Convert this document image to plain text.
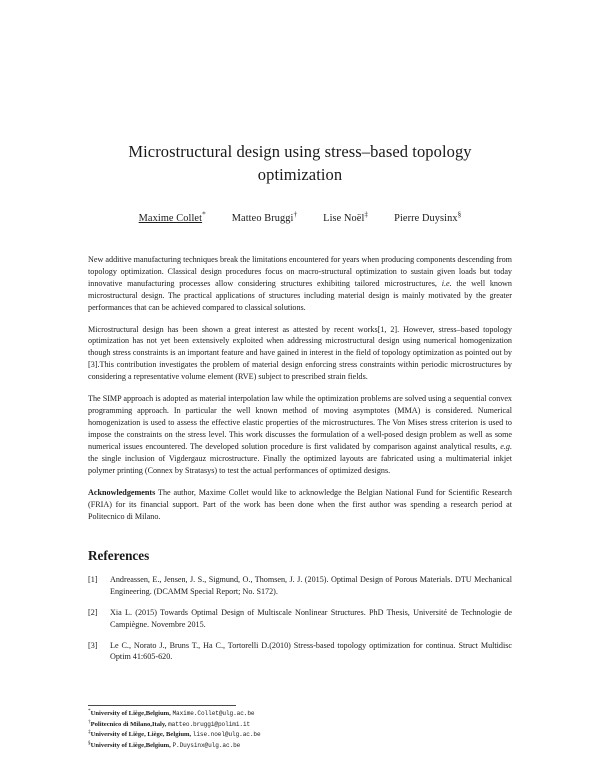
Microstructural design using stress–based topology optimization
Maxime Collet*	Matteo Bruggi†	Lise Noël‡	Pierre Duysinx§

New additive manufacturing techniques break the limitations encountered for years when producing components descending from topology optimization. Classical design procedures focus on macro-structural optimization to sustain given loads but today innovative manufacturing processes allow considering structures exhibiting tailored microstructures, i.e. the well known microstructural design. The practical applications of structures including material design is mainly motivated by the greater performances that can be achieved compared to classical solutions.

Microstructural design has been shown a great interest as attested by recent works[1, 2]. However, stress–based topology optimization has not yet been extensively exploited when addressing microstructural design using numerical homogenization though stress constraints is an important feature and have gained in interest in the field of topology optimization as pointed out by [3].This contribution investigates the problem of material design enforcing stress constraints within periodic microstructures by considering a representative volume element (RVE) subject to prescribed strain fields.

The SIMP approach is adopted as material interpolation law while the optimization problems are solved using a sequential convex programming approach. In particular the well known method of moving asymptotes (MMA) is considered. Numerical homogenization is used to assess the effective elastic properties of the microstructures. The Von Mises stress criterion is used to impose the constraints on the stress level. This work discusses the formulation of a well-posed design problem as well as some numerical issues encountered. The developed solution procedure is first validated by comparison against analytical results, e.g. the single inclusion of Vigdergauz microstructure. Finally the optimized layouts are fabricated using a multimaterial inkjet polymer printing (Connex by Stratasys) to test the actual performances of optimized designs.

Acknowledgements The author, Maxime Collet would like to acknowledge the Belgian National Fund for Scientific Research (FRIA) for its financial support. Part of the work has been done when the first author was spending a research period at Politecnico di Milano.

References
[1] Andreassen, E., Jensen, J. S., Sigmund, O., Thomsen, J. J. (2015). Optimal Design of Porous Materials. DTU Mechanical Engineering. (DCAMM Special Report; No. S172).
[2] Xia L. (2015) Towards Optimal Design of Multiscale Nonlinear Structures. PhD Thesis, Université de Technologie de Campiègne. Novembre 2015.
[3] Le C., Norato J., Bruns T., Ha C., Tortorelli D.(2010) Stress-based topology optimization for continua. Struct Multidisc Optim 41:605-620.
*University of Liège,Belgium, Maxime.Collet@ulg.ac.be
†Politecnico di Milano,Italy, matteo.bruggi@polimi.it
‡University of Liège, Liège, Belgium, lise.noel@ulg.ac.be
§University of Liège,Belgium, P.Duysinx@ulg.ac.be
